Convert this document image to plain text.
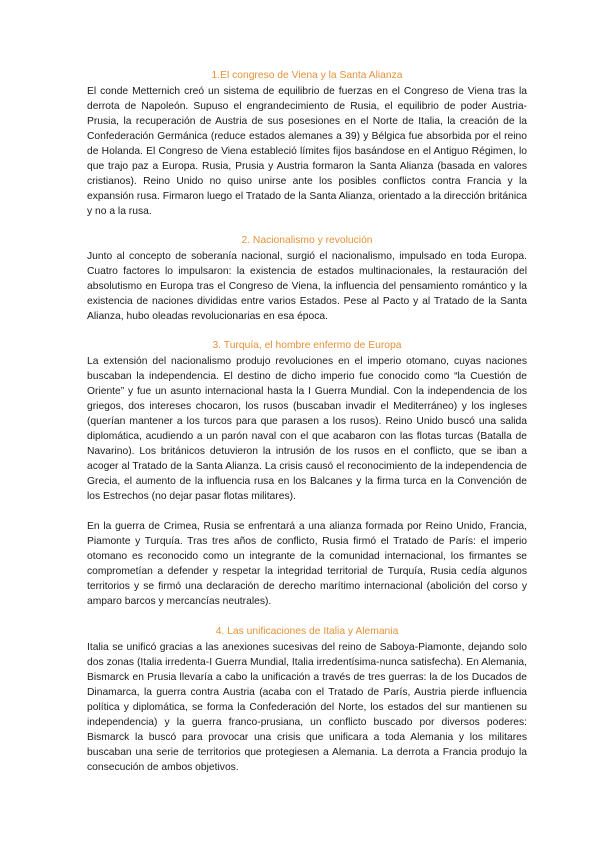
1.El congreso de Viena y la Santa Alianza

El conde Metternich creó un sistema de equilibrio de fuerzas en el Congreso de Viena tras la derrota de Napoleón. Supuso el engrandecimiento de Rusia, el equilibrio de poder Austria-Prusia, la recuperación de Austria de sus posesiones en el Norte de Italia, la creación de la Confederación Germánica (reduce estados alemanes a 39) y Bélgica fue absorbida por el reino de Holanda. El Congreso de Viena estableció límites fijos basándose en el Antiguo Régimen, lo que trajo paz a Europa. Rusia, Prusia y Austria formaron la Santa Alianza (basada en valores cristianos). Reino Unido no quiso unirse ante los posibles conflictos contra Francia y la expansión rusa. Firmaron luego el Tratado de la Santa Alianza, orientado a la dirección británica y no a la rusa.

2. Nacionalismo y revolución

Junto al concepto de soberanía nacional, surgió el nacionalismo, impulsado en toda Europa. Cuatro factores lo impulsaron: la existencia de estados multinacionales, la restauración del absolutismo en Europa tras el Congreso de Viena, la influencia del pensamiento romántico y la existencia de naciones divididas entre varios Estados. Pese al Pacto y al Tratado de la Santa Alianza, hubo oleadas revolucionarias en esa época.

3. Turquía, el hombre enfermo de Europa

La extensión del nacionalismo produjo revoluciones en el imperio otomano, cuyas naciones buscaban la independencia. El destino de dicho imperio fue conocido como “la Cuestión de Oriente” y fue un asunto internacional hasta la I Guerra Mundial. Con la independencia de los griegos, dos intereses chocaron, los rusos (buscaban invadir el Mediterráneo) y los ingleses (querían mantener a los turcos para que parasen a los rusos). Reino Unido buscó una salida diplomática, acudiendo a un parón naval con el que acabaron con las flotas turcas (Batalla de Navarino). Los británicos detuvieron la intrusión de los rusos en el conflicto, que se iban a acoger al Tratado de la Santa Alianza. La crisis causó el reconocimiento de la independencia de Grecia, el aumento de la influencia rusa en los Balcanes y la firma turca en la Convención de los Estrechos (no dejar pasar flotas militares).

En la guerra de Crimea, Rusia se enfrentará a una alianza formada por Reino Unido, Francia, Piamonte y Turquía. Tras tres años de conflicto, Rusia firmó el Tratado de París: el imperio otomano es reconocido como un integrante de la comunidad internacional, los firmantes se comprometían a defender y respetar la integridad territorial de Turquía, Rusia cedía algunos territorios y se firmó una declaración de derecho marítimo internacional (abolición del corso y amparo barcos y mercancías neutrales).

4. Las unificaciones de Italia y Alemania

Italia se unificó gracias a las anexiones sucesivas del reino de Saboya-Piamonte, dejando solo dos zonas (Italia irredenta-I Guerra Mundial, Italia irredentísima-nunca satisfecha). En Alemania, Bismarck en Prusia llevaría a cabo la unificación a través de tres guerras: la de los Ducados de Dinamarca, la guerra contra Austria (acaba con el Tratado de París, Austria pierde influencia política y diplomática, se forma la Confederación del Norte, los estados del sur mantienen su independencia) y la guerra franco-prusiana, un conflicto buscado por diversos poderes: Bismarck la buscó para provocar una crisis que unificara a toda Alemania y los militares buscaban una serie de territorios que protegiesen a Alemania. La derrota a Francia produjo la consecución de ambos objetivos.
